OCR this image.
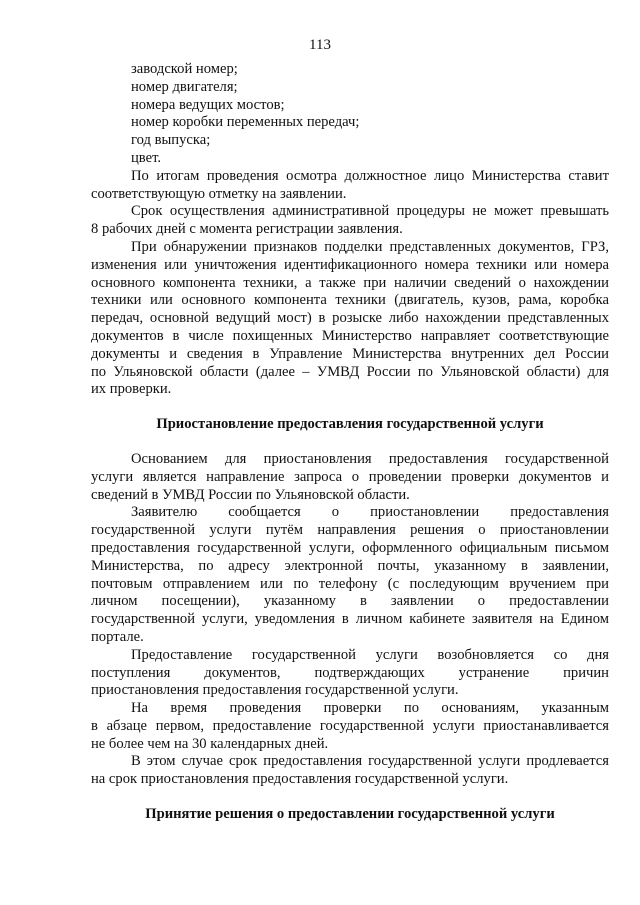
113
заводской номер;
номер двигателя;
номера ведущих мостов;
номер коробки переменных передач;
год выпуска;
цвет.
По итогам проведения осмотра должностное лицо Министерства ставит
соответствующую отметку на заявлении.
Срок осуществления административной процедуры не может превышать
8 рабочих дней с момента регистрации заявления.
При обнаружении признаков подделки представленных документов, ГРЗ,
изменения или уничтожения идентификационного номера техники или номера
основного компонента техники, а также при наличии сведений о нахождении
техники или основного компонента техники (двигатель, кузов, рама, коробка
передач, основной ведущий мост) в розыске либо нахождении представленных
документов в числе похищенных Министерство направляет соответствующие
документы и сведения в Управление Министерства внутренних дел России
по Ульяновской области (далее – УМВД России по Ульяновской области) для
их проверки.
Приостановление предоставления государственной услуги
Основанием для приостановления предоставления государственной
услуги является направление запроса о проведении проверки документов и
сведений в УМВД России по Ульяновской области.
Заявителю сообщается о приостановлении предоставления
государственной услуги путём направления решения о приостановлении
предоставления государственной услуги, оформленного официальным письмом
Министерства, по адресу электронной почты, указанному в заявлении,
почтовым отправлением или по телефону (с последующим вручением при
личном посещении), указанному в заявлении о предоставлении
государственной услуги, уведомления в личном кабинете заявителя на Едином
портале.
Предоставление государственной услуги возобновляется со дня
поступления документов, подтверждающих устранение причин
приостановления предоставления государственной услуги.
На время проведения проверки по основаниям, указанным
в абзаце первом, предоставление государственной услуги приостанавливается
не более чем на 30 календарных дней.
В этом случае срок предоставления государственной услуги продлевается
на срок приостановления предоставления государственной услуги.
Принятие решения о предоставлении государственной услуги
